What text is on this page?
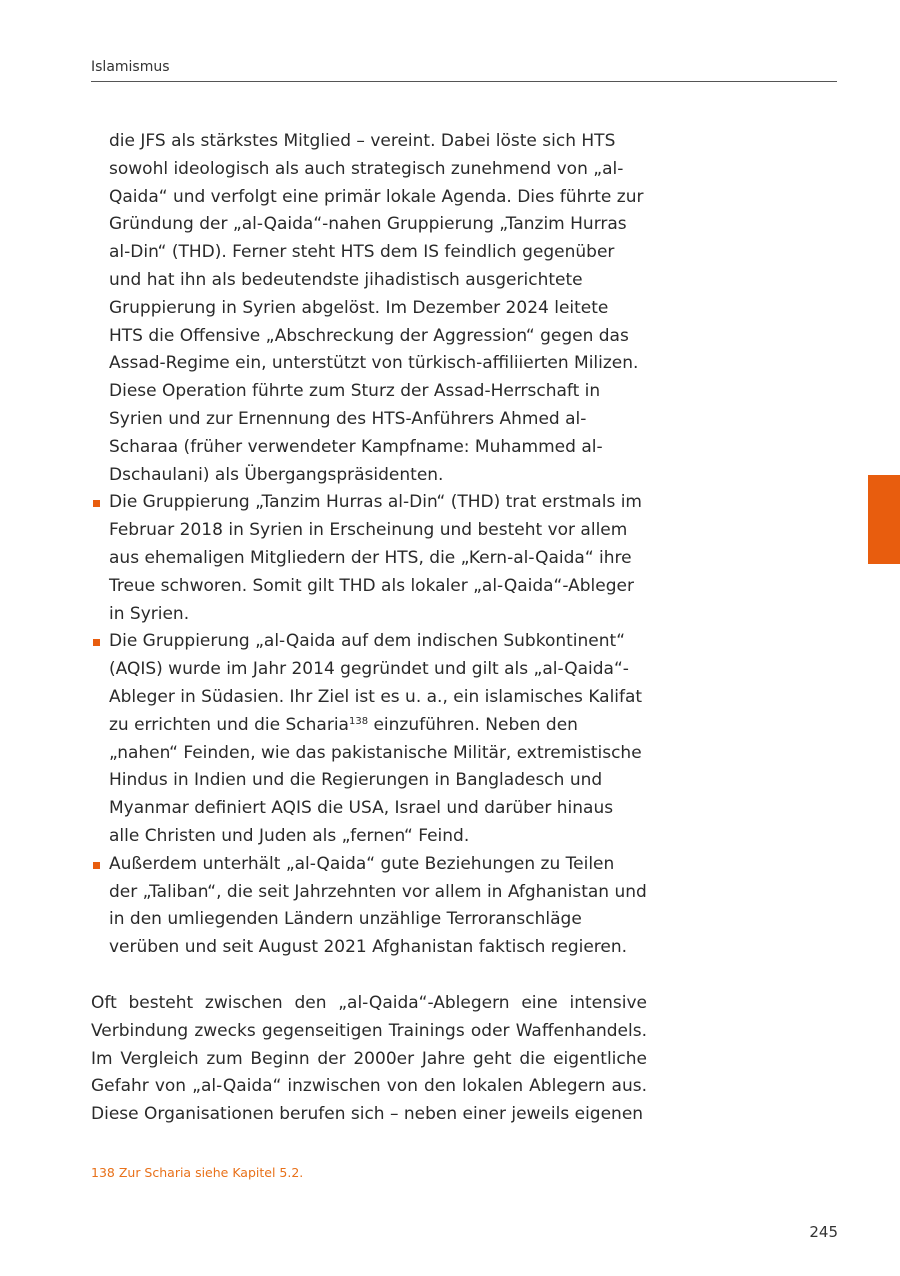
Islamismus

die JFS als stärkstes Mitglied – vereint. Dabei löste sich HTS sowohl ideologisch als auch strategisch zunehmend von „al-Qaida“ und verfolgt eine primär lokale Agenda. Dies führte zur Gründung der „al-Qaida“-nahen Gruppierung „Tanzim Hurras al-Din“ (THD). Ferner steht HTS dem IS feindlich gegenüber und hat ihn als bedeutendste jihadistisch ausgerichtete Gruppierung in Syrien abgelöst. Im Dezember 2024 leitete HTS die Offensive „Abschreckung der Aggression“ gegen das Assad-Regime ein, unterstützt von türkisch-affiliierten Milizen. Diese Operation führte zum Sturz der Assad-Herrschaft in Syrien und zur Ernennung des HTS-Anführers Ahmed al-Scharaa (früher verwendeter Kampfname: Muhammed al-Dschaulani) als Übergangspräsidenten.

Die Gruppierung „Tanzim Hurras al-Din“ (THD) trat erstmals im Februar 2018 in Syrien in Erscheinung und besteht vor allem aus ehemaligen Mitgliedern der HTS, die „Kern-al-Qaida“ ihre Treue schworen. Somit gilt THD als lokaler „al-Qaida“-Ableger in Syrien.
Die Gruppierung „al-Qaida auf dem indischen Subkontinent“ (AQIS) wurde im Jahr 2014 gegründet und gilt als „al-Qaida“-Ableger in Südasien. Ihr Ziel ist es u. a., ein islamisches Kalifat zu errichten und die Scharia$^{138}$ einzuführen. Neben den „nahen“ Feinden, wie das pakistanische Militär, extremistische Hindus in Indien und die Regierungen in Bangladesch und Myanmar definiert AQIS die USA, Israel und darüber hinaus alle Christen und Juden als „fernen“ Feind.
Außerdem unterhält „al-Qaida“ gute Beziehungen zu Teilen der „Taliban“, die seit Jahrzehnten vor allem in Afghanistan und in den umliegenden Ländern unzählige Terroranschläge verüben und seit August 2021 Afghanistan faktisch regieren.

Oft besteht zwischen den „al-Qaida“-Ablegern eine intensive Verbindung zwecks gegenseitigen Trainings oder Waffenhandels. Im Vergleich zum Beginn der 2000er Jahre geht die eigentliche Gefahr von „al-Qaida“ inzwischen von den lokalen Ablegern aus. Diese Organisationen berufen sich – neben einer jeweils eigenen

138 Zur Scharia siehe Kapitel 5.2.
245
